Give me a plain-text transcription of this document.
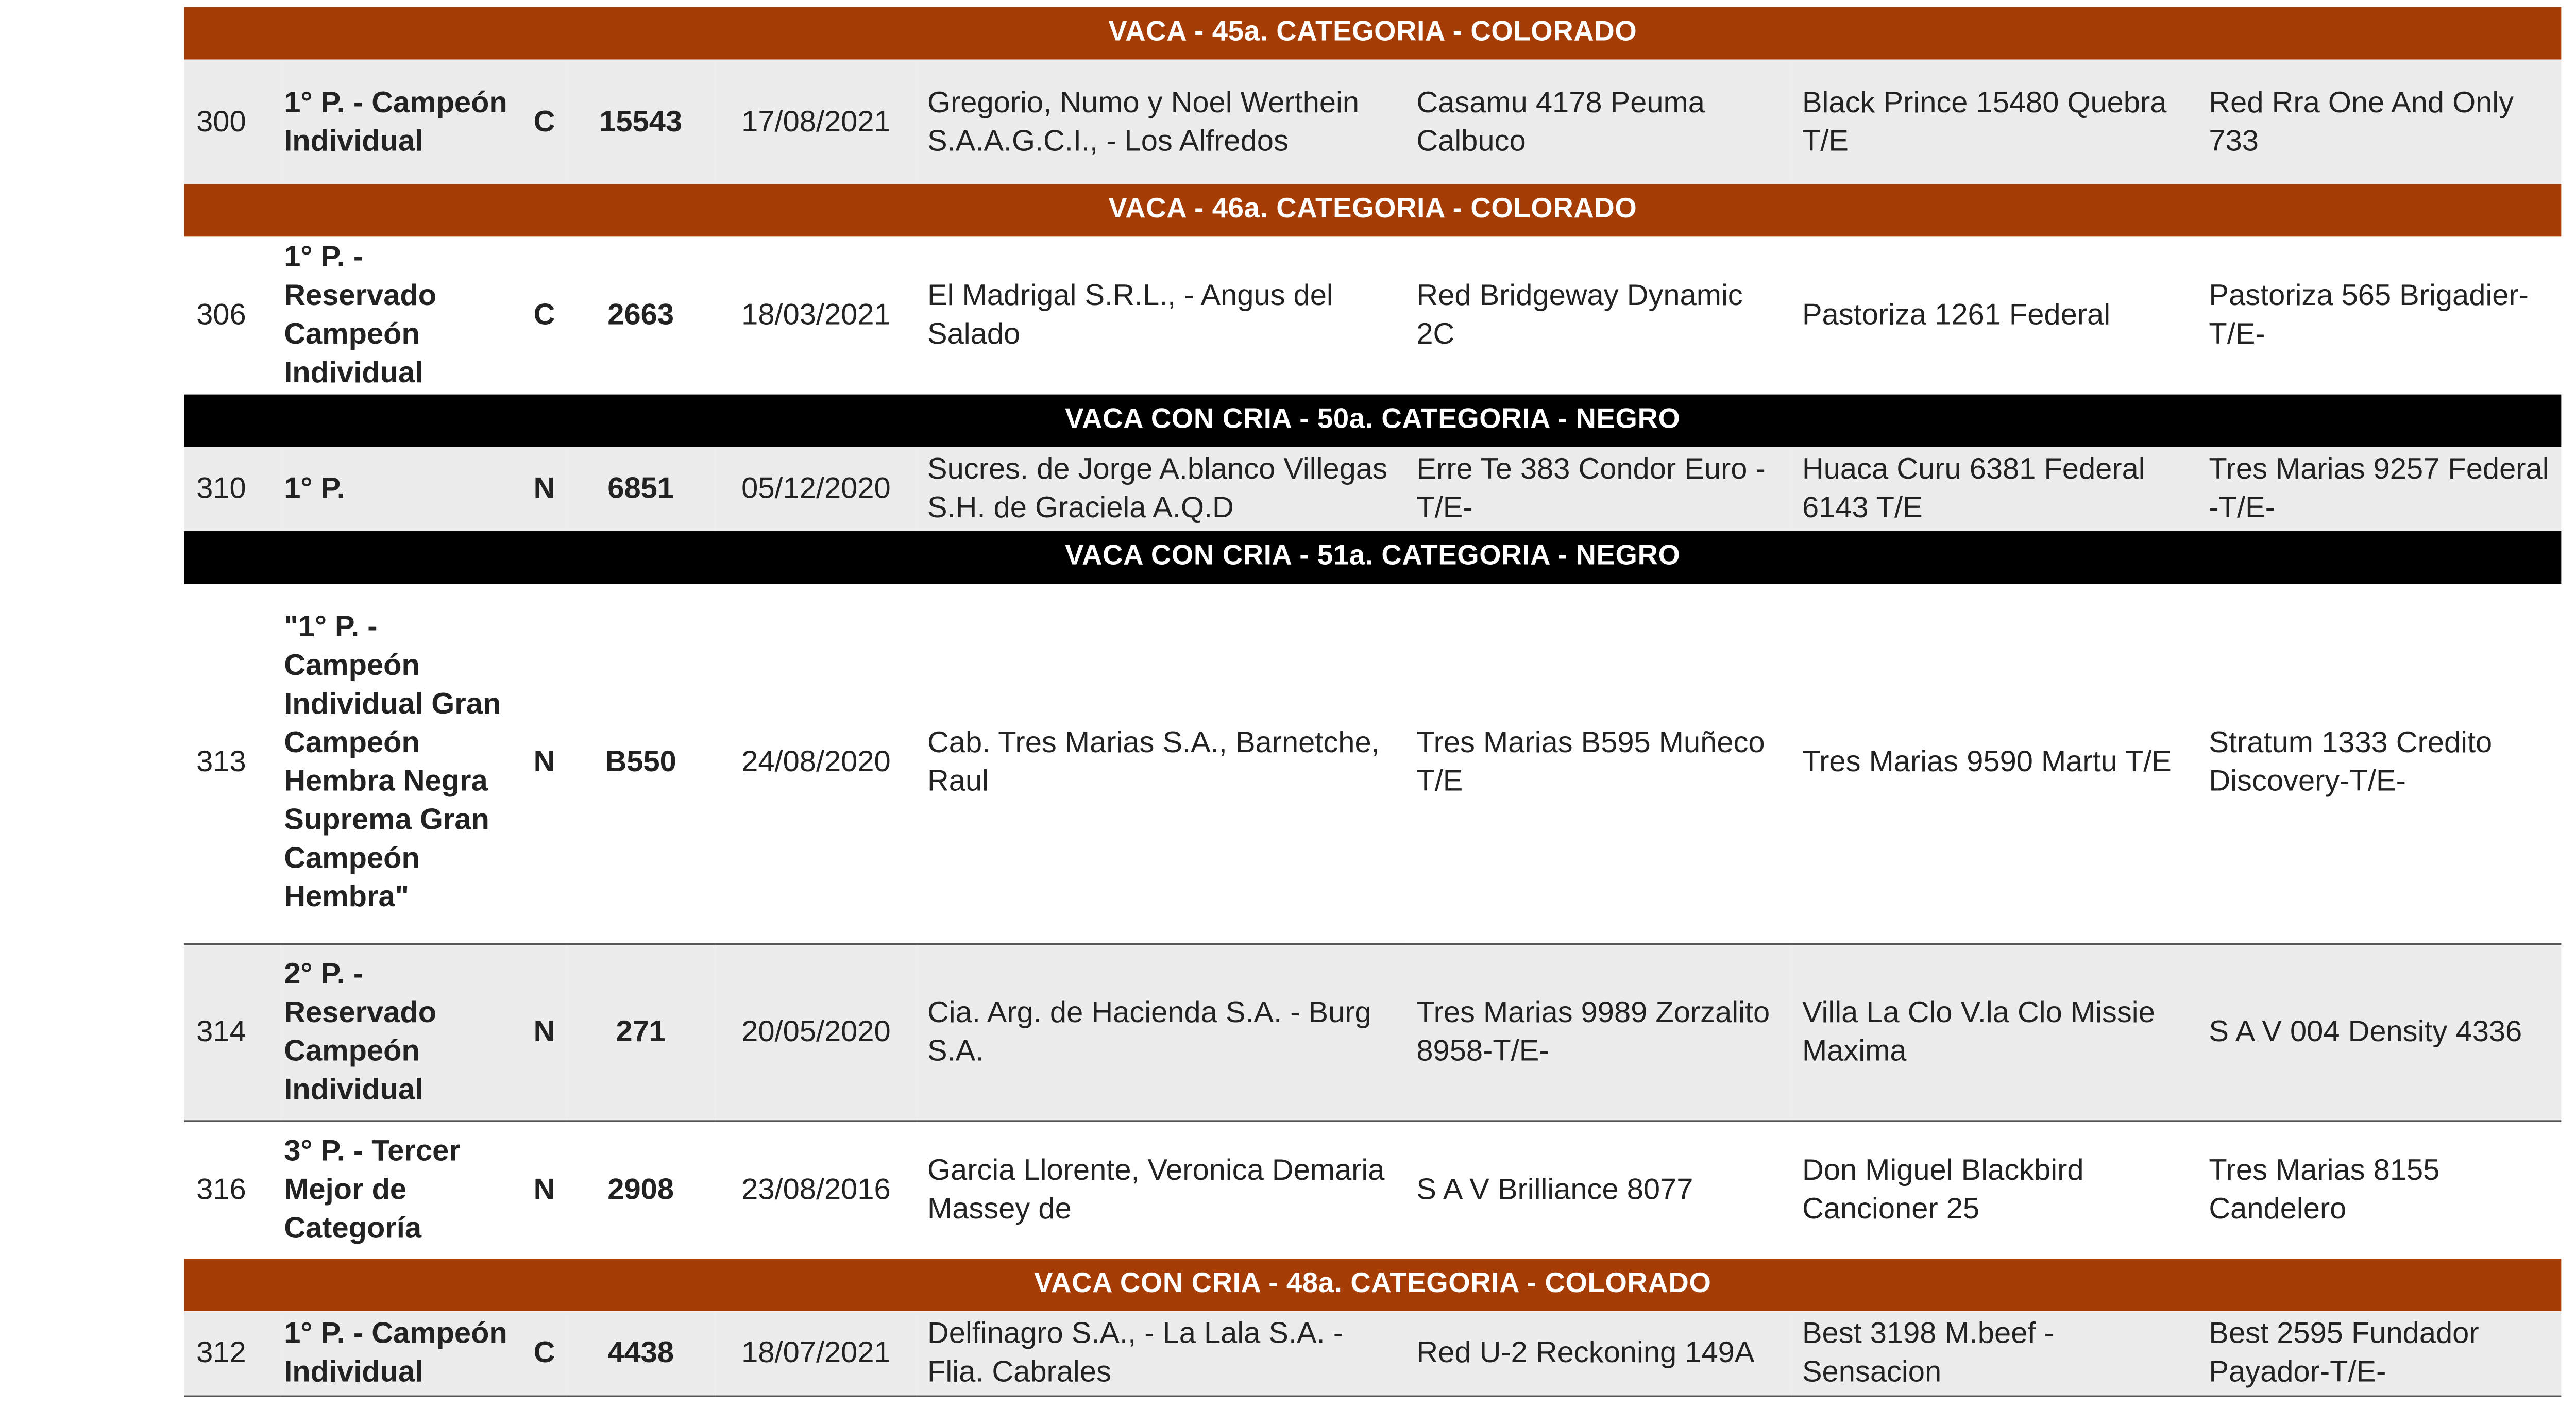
VACA - 45a. CATEGORIA - COLORADO								
300	1° P. - Campeón Individual	C	15543	17/08/2021	Gregorio, Numo y Noel Werthein S.A.A.G.C.I., - Los Alfredos	Casamu 4178 Peuma Calbuco	Black Prince 15480 Quebra T/E	Red Rra One And Only 733
VACA - 46a. CATEGORIA - COLORADO								
306	1° P. - Reservado Campeón Individual	C	2663	18/03/2021	El Madrigal S.R.L., - Angus del Salado	Red Bridgeway Dynamic 2C	Pastoriza 1261 Federal	Pastoriza 565 Brigadier-T/E-
VACA CON CRIA - 50a. CATEGORIA - NEGRO								
310	1° P.	N	6851	05/12/2020	Sucres. de Jorge A.blanco Villegas S.H. de Graciela A.Q.D	Erre Te 383 Condor Euro -T/E-	Huaca Curu 6381 Federal 6143 T/E	Tres Marias 9257 Federal -T/E-
VACA CON CRIA - 51a. CATEGORIA - NEGRO								
313	"1° P. - Campeón Individual Gran Campeón Hembra Negra Suprema Gran Campeón Hembra"	N	B550	24/08/2020	Cab. Tres Marias S.A., Barnetche, Raul	Tres Marias B595 Muñeco T/E	Tres Marias 9590 Martu T/E	Stratum 1333 Credito Discovery-T/E-
314	2° P. - Reservado Campeón Individual	N	271	20/05/2020	Cia. Arg. de Hacienda S.A. - Burg S.A.	Tres Marias 9989 Zorzalito 8958-T/E-	Villa La Clo V.la Clo Missie Maxima	S A V 004 Density 4336
316	3° P. - Tercer Mejor de Categoría	N	2908	23/08/2016	Garcia Llorente, Veronica Demaria Massey de	S A V Brilliance 8077	Don Miguel Blackbird Cancioner 25	Tres Marias 8155 Candelero
VACA CON CRIA - 48a. CATEGORIA - COLORADO								
312	1° P. - Campeón Individual	C	4438	18/07/2021	Delfinagro S.A., - La Lala S.A. - Flia. Cabrales	Red U-2 Reckoning 149A	Best 3198 M.beef - Sensacion	Best 2595 Fundador Payador-T/E-
